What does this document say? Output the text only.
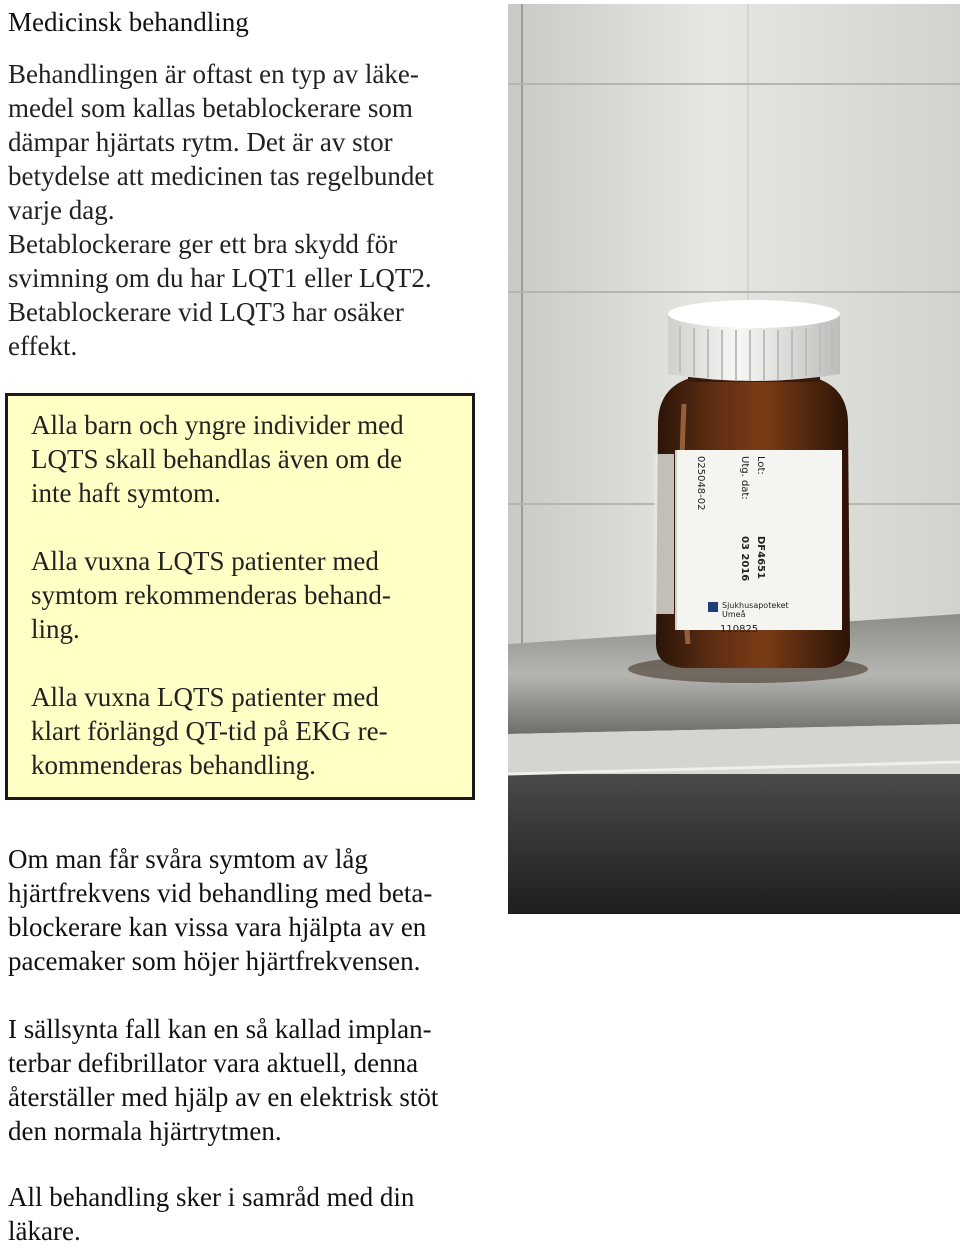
Medicinsk behandling

Behandlingen är oftast en typ av läke-

medel som kallas betablockerare som

dämpar hjärtats rytm. Det är av stor

betydelse att medicinen tas regelbundet

varje dag.

Betablockerare ger ett bra skydd för

svimning om du har LQT1 eller LQT2.

Betablockerare vid LQT3 har osäker

effekt.

Alla barn och yngre individer med
LQTS skall behandlas även om de
inte haft symtom.

Alla vuxna LQTS patienter med
symtom rekommenderas behand-
ling.

Alla vuxna LQTS patienter med
klart förlängd QT-tid på EKG re-
kommenderas behandling.

Om man får svåra symtom av låg

hjärtfrekvens vid behandling med beta-

blockerare kan vissa vara hjälpta av en

pacemaker som höjer hjärtfrekvensen.

I sällsynta fall kan en så kallad implan-

terbar defibrillator vara aktuell, denna

återställer med hjälp av en elektrisk stöt

den normala hjärtrytmen.

All behandling sker i samråd med din

läkare.

Lot:
Utg. dat:
DF4651
03 2016
025048-02
Sjukhusapoteket
Umeå
110825
